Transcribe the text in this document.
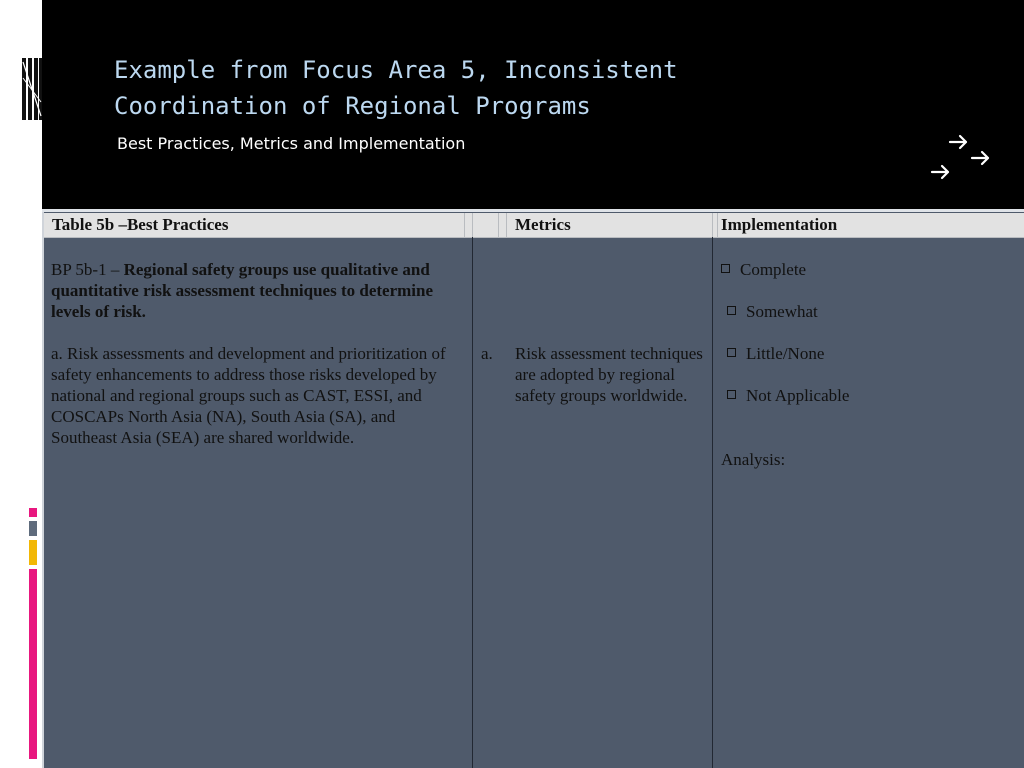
Example from Focus Area 5, Inconsistent
Coordination of Regional Programs

Best Practices, Metrics and Implementation

Table 5b –Best Practices	Metrics	Implementation

BP 5b-1 – Regional safety groups use qualitative and quantitative risk assessment techniques to determine levels of risk.

a. Risk assessments and development and prioritization of safety enhancements to address those risks developed by national and regional groups such as CAST, ESSI, and COSCAPs North Asia (NA), South Asia (SA), and Southeast Asia (SEA) are shared worldwide.

a. Risk assessment techniques are adopted by regional safety groups worldwide.

Complete
Somewhat
Little/None
Not Applicable
Analysis:
